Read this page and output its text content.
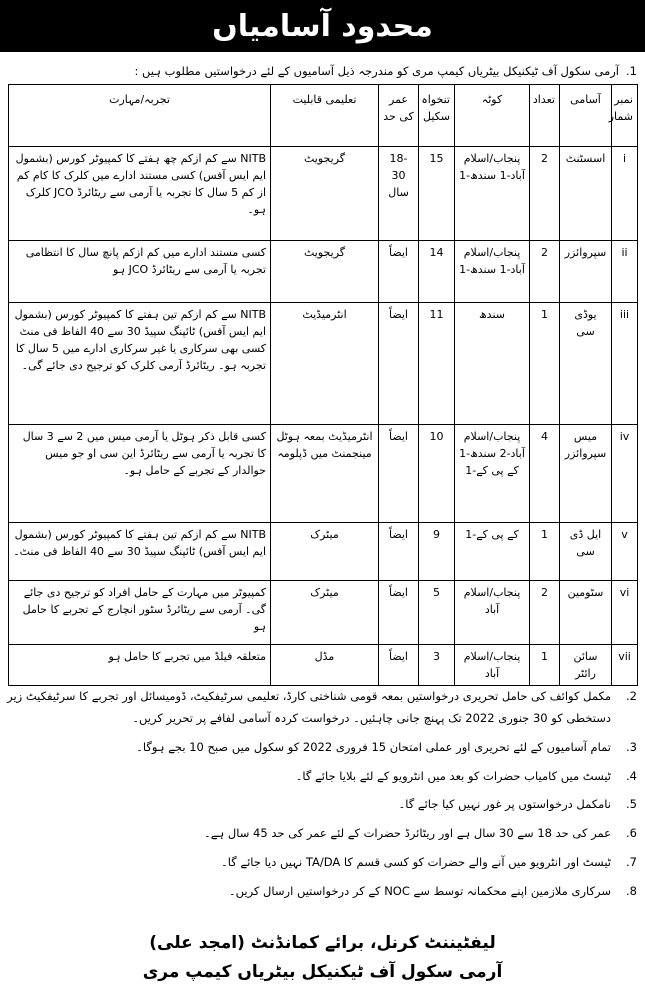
محدود آسامیاں
1.
آرمی سکول آف ٹیکنیکل بیٹریاں کیمپ مری کو مندرجہ ذیل آسامیوں کے لئے درخواستیں مطلوب ہیں :
نمبر شمار	آسامی	تعداد	کوٹہ	تنخواہ سکیل	عمر کی حد	تعلیمی قابلیت	تجربہ/مہارت
i	اسسٹنٹ	2	پنجاب/اسلام آباد-1 سندھ-1	15	18-30 سال	گریجویٹ	NITB سے کم ازکم چھ ہفتے کا کمپیوٹر کورس (بشمول ایم ایس آفس) کسی مستند ادارے میں کلرک کا کام کم از کم 5 سال کا تجربہ یا آرمی سے ریٹائرڈ JCO کلرک ہو۔
ii	سپروائزر	2	پنجاب/اسلام آباد-1 سندھ-1	14	ایضاً	گریجویٹ	کسی مستند ادارے میں کم ازکم پانچ سال کا انتظامی تجربہ یا آرمی سے ریٹائرڈ JCO ہو
iii	یوڈی سی	1	سندھ	11	ایضاً	انٹرمیڈیٹ	NITB سے کم ازکم تین ہفتے کا کمپیوٹر کورس (بشمول ایم ایس آفس) ٹائپنگ سپیڈ 30 سے 40 الفاظ فی منٹ کسی بھی سرکاری یا غیر سرکاری ادارے میں 5 سال کا تجربہ ہو۔ ریٹائرڈ آرمی کلرک کو ترجیح دی جائے گی۔
iv	میس سپروائزر	4	پنجاب/اسلام آباد-2 سندھ-1 کے پی کے-1	10	ایضاً	انٹرمیڈیٹ بمعہ ہوٹل مینجمنٹ میں ڈپلومہ	کسی قابل ذکر ہوٹل یا آرمی میس میں 2 سے 3 سال کا تجربہ یا آرمی سے ریٹائرڈ این سی او جو میس حوالدار کے تجربے کے حامل ہو۔
v	ایل ڈی سی	1	کے پی کے-1	9	ایضاً	میٹرک	NITB سے کم ازکم تین ہفتے کا کمپیوٹر کورس (بشمول ایم ایس آفس) ٹائپنگ سپیڈ 30 سے 40 الفاظ فی منٹ۔
vi	سٹومین	2	پنجاب/اسلام آباد	5	ایضاً	میٹرک	کمپیوٹر میں مہارت کے حامل افراد کو ترجیح دی جائے گی۔ آرمی سے ریٹائرڈ سٹور انچارج کے تجربے کا حامل ہو
vii	سائن رائٹر	1	پنجاب/اسلام آباد	3	ایضاً	مڈل	متعلقہ فیلڈ میں تجربے کا حامل ہو
2.
مکمل کوائف کی حامل تحریری درخواستیں بمعہ قومی شناختی کارڈ، تعلیمی سرٹیفکیٹ، ڈومیسائل اور تجربے کا سرٹیفکیٹ زیر دستخطی کو 30 جنوری 2022 تک پہنچ جانی چاہئیں۔ درخواست کردہ آسامی لفافے پر تحریر کریں۔
3.
تمام آسامیوں کے لئے تحریری اور عملی امتحان 15 فروری 2022 کو سکول میں صبح 10 بجے ہوگا۔
4.
ٹیسٹ میں کامیاب حضرات کو بعد میں انٹرویو کے لئے بلایا جائے گا۔
5.
نامکمل درخواستوں پر غور نہیں کیا جائے گا۔
6.
عمر کی حد 18 سے 30 سال ہے اور ریٹائرڈ حضرات کے لئے عمر کی حد 45 سال ہے۔
7.
ٹیسٹ اور انٹرویو میں آنے والے حضرات کو کسی قسم کا TA/DA نہیں دیا جائے گا۔
8.
سرکاری ملازمین اپنے محکمانہ توسط سے NOC کے کر درخواستیں ارسال کریں۔
لیفٹیننٹ کرنل، برائے کمانڈنٹ (امجد علی)
آرمی سکول آف ٹیکنیکل بیٹریاں کیمپ مری
